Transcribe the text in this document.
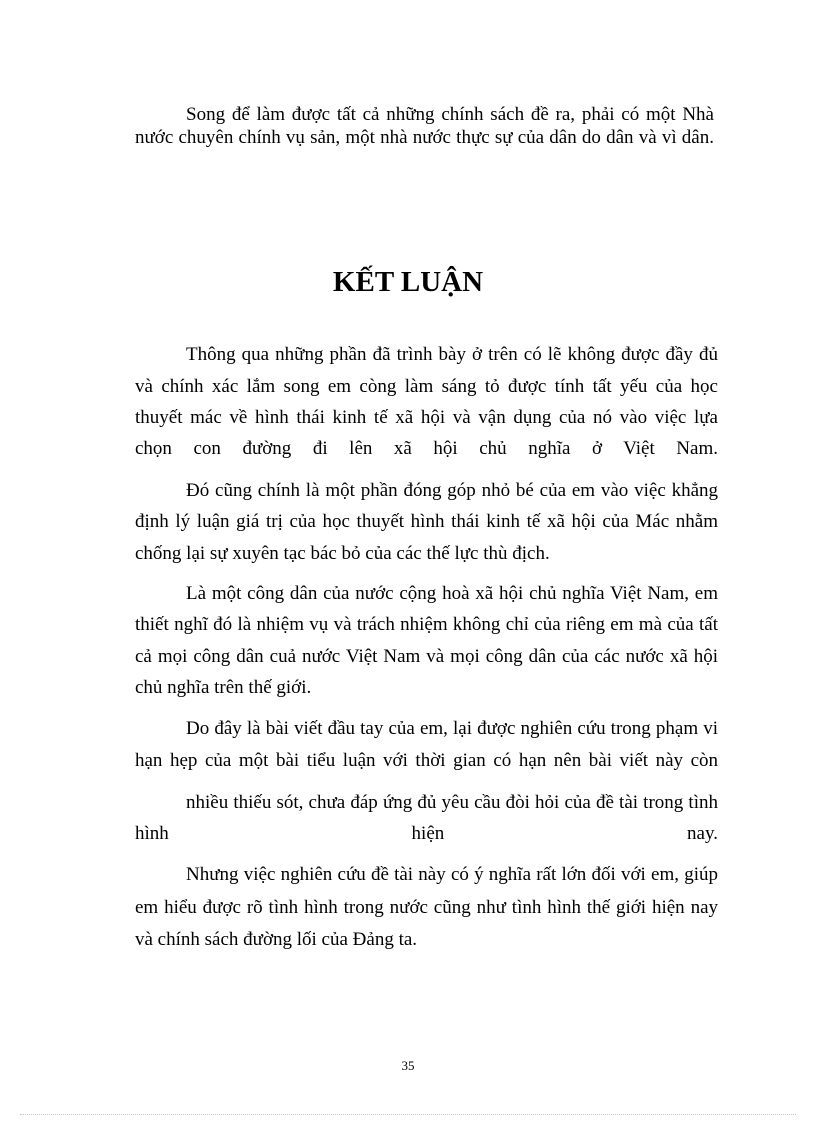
Song để làm được tất cả những chính sách đề ra, phải có một Nhà
nước chuyên chính vụ sản, một nhà nước thực sự của dân do dân và vì dân.
KẾT LUẬN
Thông qua những phần đã trình bày ở trên có lẽ không được đầy đủ
và chính xác lắm song em còng làm sáng tỏ được tính tất yếu của học
thuyết mác về hình thái kinh tế xã hội và vận dụng của nó vào việc lựa
chọn con đường đi lên xã hội chủ nghĩa ở Việt Nam.
Đó cũng chính là một phần đóng góp nhỏ bé của em vào việc khẳng
định lý luận giá trị của học thuyết hình thái kinh tế xã hội của Mác nhằm
chống lại sự xuyên tạc bác bỏ của các thế lực thù địch.
Là một công dân của nước cộng hoà xã hội chủ nghĩa Việt Nam, em
thiết nghĩ đó là nhiệm vụ và trách nhiệm không chỉ của riêng em mà của tất
cả mọi công dân cuả nước Việt Nam và mọi công dân của các nước xã hội
chủ nghĩa trên thế giới.
Do đây là bài viết đầu tay của em, lại được nghiên cứu trong phạm vi
hạn hẹp của một bài tiểu luận với thời gian có hạn nên bài viết này còn
nhiều thiếu sót, chưa đáp ứng đủ yêu cầu đòi hỏi của đề tài trong tình
hình hiện nay.
Nhưng việc nghiên cứu đề tài này có ý nghĩa rất lớn đối với em, giúp
em hiểu được rõ tình hình trong nước cũng như tình hình thế giới hiện nay
và chính sách đường lối của Đảng ta.
35
